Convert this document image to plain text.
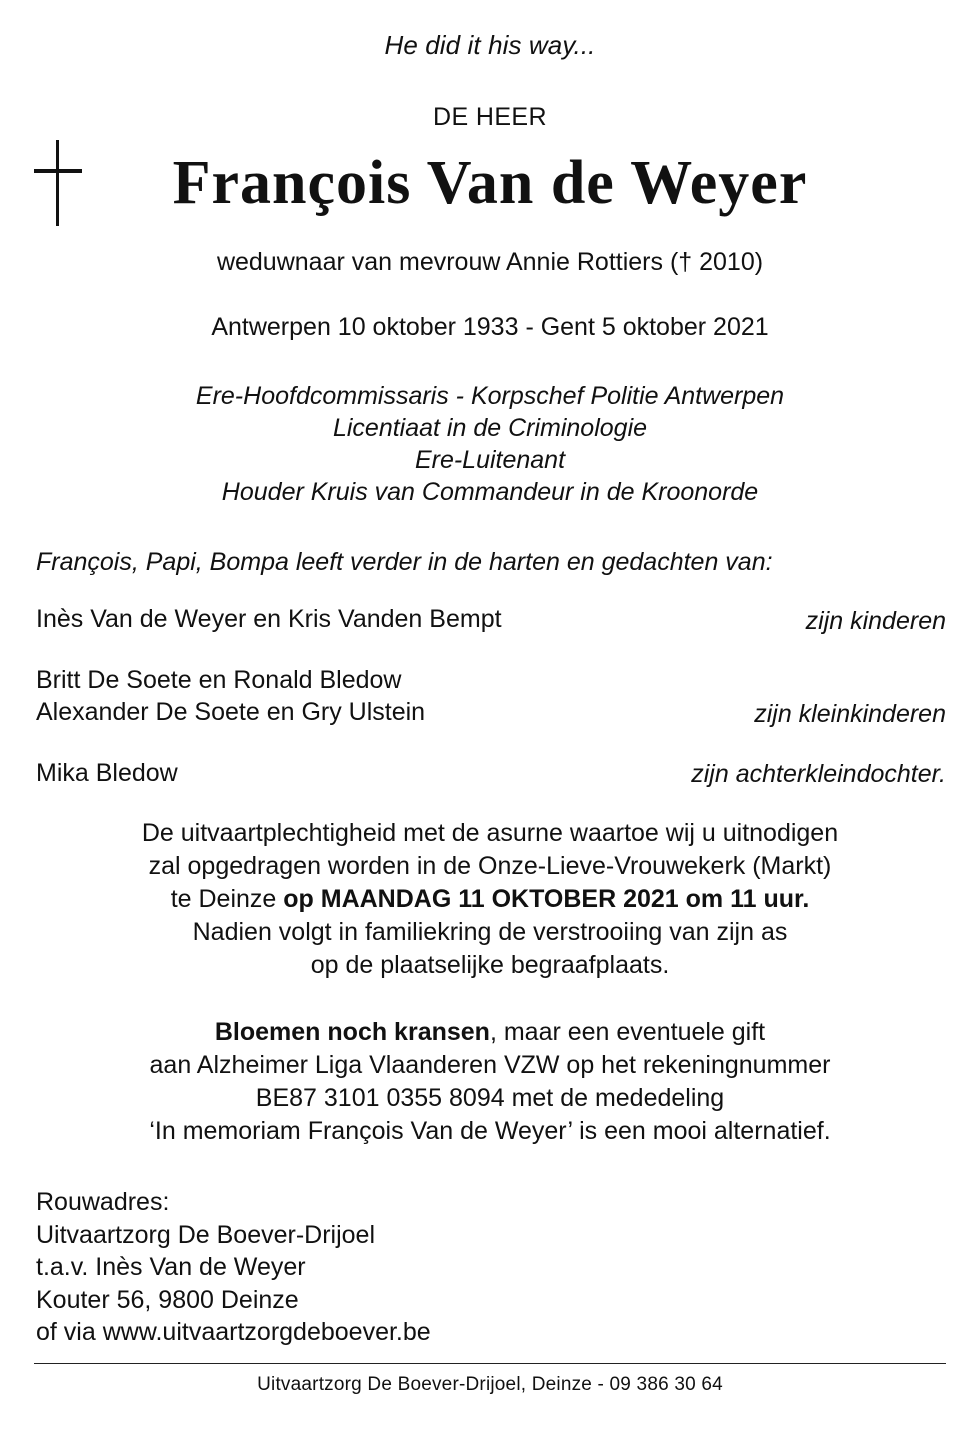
He did it his way...
DE HEER
François Van de Weyer
weduwnaar van mevrouw Annie Rottiers († 2010)
Antwerpen 10 oktober 1933 - Gent 5 oktober 2021
Ere-Hoofdcommissaris - Korpschef Politie Antwerpen
Licentiaat in de Criminologie
Ere-Luitenant
Houder Kruis van Commandeur in de Kroonorde
François, Papi, Bompa leeft verder in de harten en gedachten van:
Inès Van de Weyer en Kris Vanden Bempt	zijn kinderen
Britt De Soete en Ronald Bledow
Alexander De Soete en Gry Ulstein	zijn kleinkinderen
Mika Bledow	zijn achterkleindochter.
De uitvaartplechtigheid met de asurne waartoe wij u uitnodigen
zal opgedragen worden in de Onze-Lieve-Vrouwekerk (Markt)
te Deinze op MAANDAG 11 OKTOBER 2021 om 11 uur.
Nadien volgt in familiekring de verstrooiing van zijn as
op de plaatselijke begraafplaats.
Bloemen noch kransen, maar een eventuele gift
aan Alzheimer Liga Vlaanderen VZW op het rekeningnummer
BE87 3101 0355 8094 met de mededeling
‘In memoriam François Van de Weyer’ is een mooi alternatief.
Rouwadres:
Uitvaartzorg De Boever-Drijoel
t.a.v. Inès Van de Weyer
Kouter 56, 9800 Deinze
of via www.uitvaartzorgdeboever.be
Uitvaartzorg De Boever-Drijoel, Deinze - 09 386 30 64
